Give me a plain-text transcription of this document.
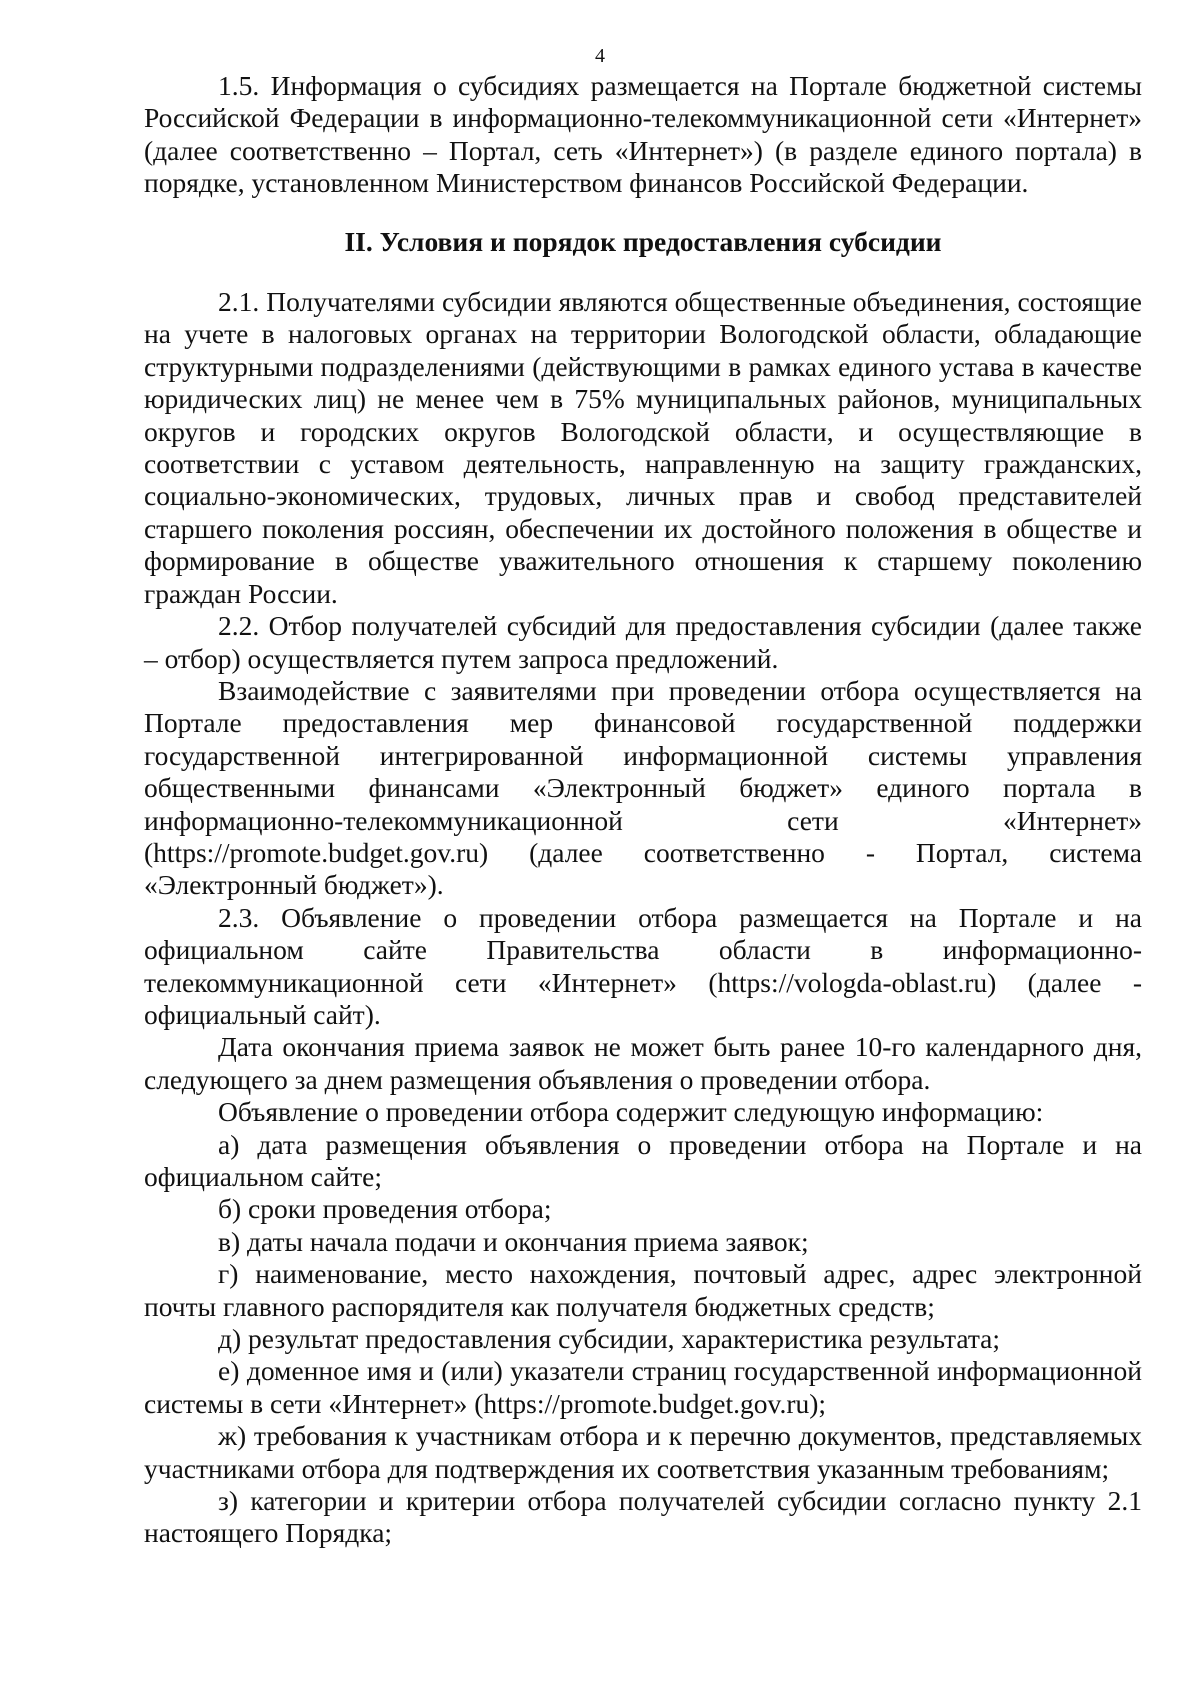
4

1.5. Информация о субсидиях размещается на Портале бюджетной системы Российской Федерации в информационно-телекоммуникационной сети «Интернет» (далее соответственно – Портал, сеть «Интернет») (в разделе единого портала) в порядке, установленном Министерством финансов Российской Федерации.

II. Условия и порядок предоставления субсидии

2.1. Получателями субсидии являются общественные объединения, состоящие на учете в налоговых органах на территории Вологодской области, обладающие структурными подразделениями (действующими в рамках единого устава в качестве юридических лиц) не менее чем в 75% муниципальных районов, муниципальных округов и городских округов Вологодской области, и осуществляющие в соответствии с уставом деятельность, направленную на защиту гражданских, социально-экономических, трудовых, личных прав и свобод представителей старшего поколения россиян, обеспечении их достойного положения в обществе и формирование в обществе уважительного отношения к старшему поколению граждан России.

2.2. Отбор получателей субсидий для предоставления субсидии (далее также – отбор) осуществляется путем запроса предложений.

Взаимодействие с заявителями при проведении отбора осуществляется на Портале предоставления мер финансовой государственной поддержки государственной интегрированной информационной системы управления общественными финансами «Электронный бюджет» единого портала в информационно-телекоммуникационной сети «Интернет» (https://promote.budget.gov.ru) (далее соответственно - Портал, система «Электронный бюджет»).

2.3. Объявление о проведении отбора размещается на Портале и на официальном сайте Правительства области в информационно-телекоммуникационной сети «Интернет» (https://vologda-oblast.ru) (далее - официальный сайт).

Дата окончания приема заявок не может быть ранее 10-го календарного дня, следующего за днем размещения объявления о проведении отбора.

Объявление о проведении отбора содержит следующую информацию:

а) дата размещения объявления о проведении отбора на Портале и на официальном сайте;

б) сроки проведения отбора;

в) даты начала подачи и окончания приема заявок;

г) наименование, место нахождения, почтовый адрес, адрес электронной почты главного распорядителя как получателя бюджетных средств;

д) результат предоставления субсидии, характеристика результата;

е) доменное имя и (или) указатели страниц государственной информационной системы в сети «Интернет» (https://promote.budget.gov.ru);

ж) требования к участникам отбора и к перечню документов, представляемых участниками отбора для подтверждения их соответствия указанным требованиям;

з) категории и критерии отбора получателей субсидии согласно пункту 2.1 настоящего Порядка;
